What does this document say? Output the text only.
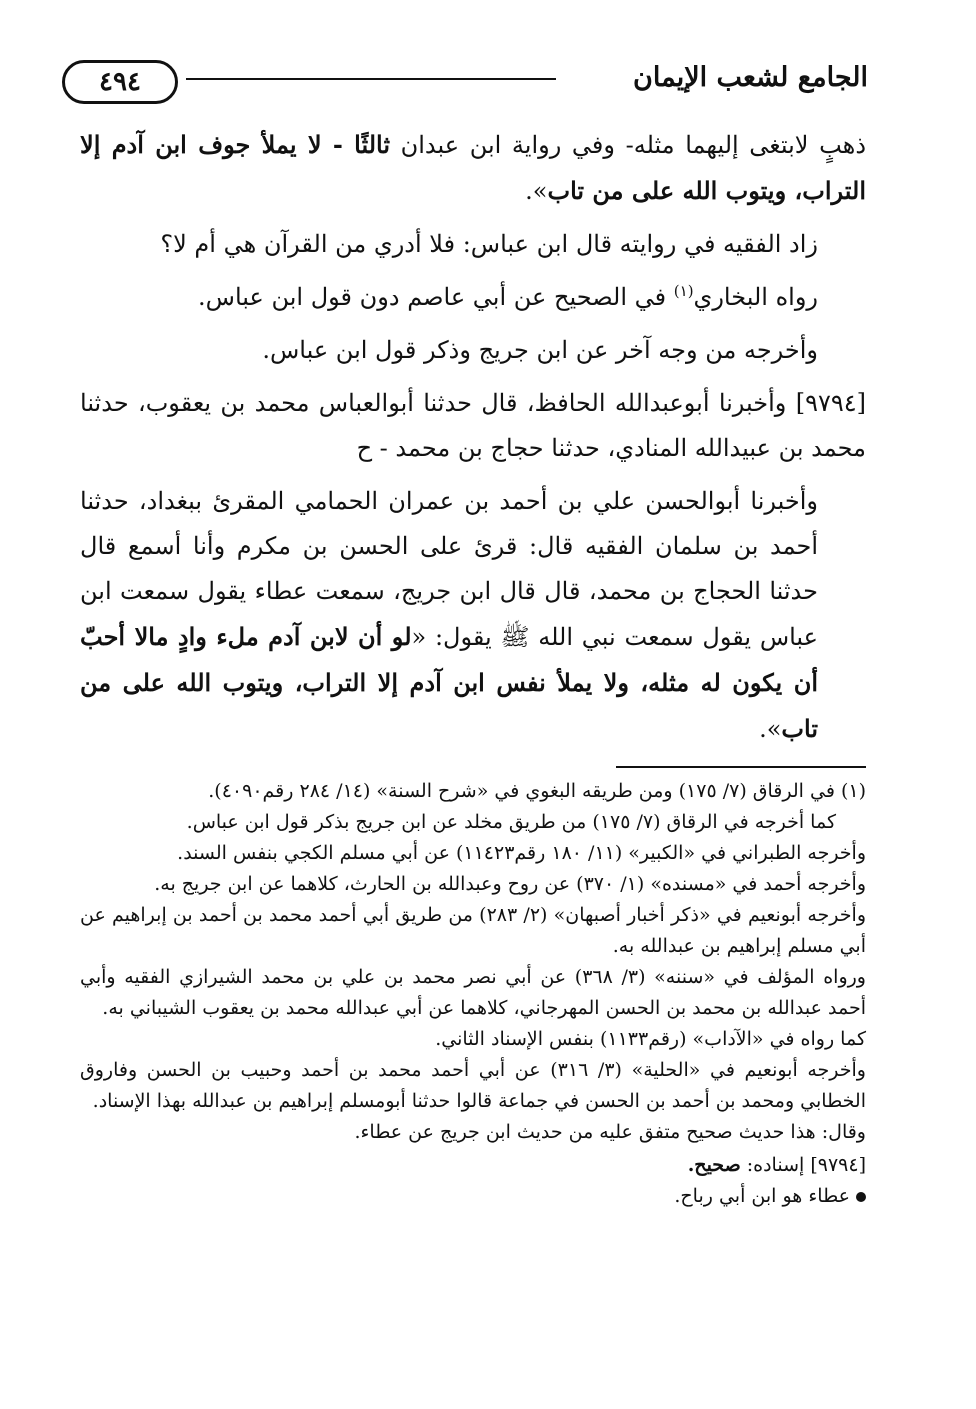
الجامع لشعب الإيمان
٤٩٤

ذهبٍ لابتغى إليهما مثله- وفي رواية ابن عبدان ثالثًا - لا يملأ جوف ابن آدم إلا التراب، ويتوب الله على من تاب».

زاد الفقيه في روايته قال ابن عباس: فلا أدري من القرآن هي أم لا؟

رواه البخاري$^{(١)}$ في الصحيح عن أبي عاصم دون قول ابن عباس.

وأخرجه من وجه آخر عن ابن جريج وذكر قول ابن عباس.

[٩٧٩٤] وأخبرنا أبوعبدالله الحافظ، قال حدثنا أبوالعباس محمد بن يعقوب، حدثنا محمد بن عبيدالله المنادي، حدثنا حجاج بن محمد - ح

وأخبرنا أبوالحسن علي بن أحمد بن عمران الحمامي المقرئ ببغداد، حدثنا أحمد بن سلمان الفقيه قال: قرئ على الحسن بن مكرم وأنا أسمع قال حدثنا الحجاج بن محمد، قال قال ابن جريج، سمعت عطاء يقول سمعت ابن عباس يقول سمعت نبي الله ﷺ يقول: «لو أن لابن آدم ملء وادٍ مالا أحبّ أن يكون له مثله، ولا يملأ نفس ابن آدم إلا التراب، ويتوب الله على من تاب».

(١) في الرقاق (٧/ ١٧٥) ومن طريقه البغوي في «شرح السنة» (١٤/ ٢٨٤ رقم٤٠٩٠).

كما أخرجه في الرقاق (٧/ ١٧٥) من طريق مخلد عن ابن جريج بذكر قول ابن عباس.

وأخرجه الطبراني في «الكبير» (١١/ ١٨٠ رقم١١٤٢٣) عن أبي مسلم الكجي بنفس السند.

وأخرجه أحمد في «مسنده» (١/ ٣٧٠) عن روح وعبدالله بن الحارث، كلاهما عن ابن جريج به.

وأخرجه أبونعيم في «ذكر أخبار أصبهان» (٢/ ٢٨٣) من طريق أبي أحمد محمد بن أحمد بن إبراهيم عن أبي مسلم إبراهيم بن عبدالله به.

ورواه المؤلف في «سننه» (٣/ ٣٦٨) عن أبي نصر محمد بن علي بن محمد الشيرازي الفقيه وأبي أحمد عبدالله بن محمد بن الحسن المهرجاني، كلاهما عن أبي عبدالله محمد بن يعقوب الشيباني به.

كما رواه في «الآداب» (رقم١١٣٣) بنفس الإسناد الثاني.

وأخرجه أبونعيم في «الحلية» (٣/ ٣١٦) عن أبي أحمد محمد بن أحمد وحبيب بن الحسن وفاروق الخطابي ومحمد بن أحمد بن الحسن في جماعة قالوا حدثنا أبومسلم إبراهيم بن عبدالله بهذا الإسناد.

وقال: هذا حديث صحيح متفق عليه من حديث ابن جريج عن عطاء.

[٩٧٩٤] إسناده: صحيح.

عطاء هو ابن أبي رباح.
